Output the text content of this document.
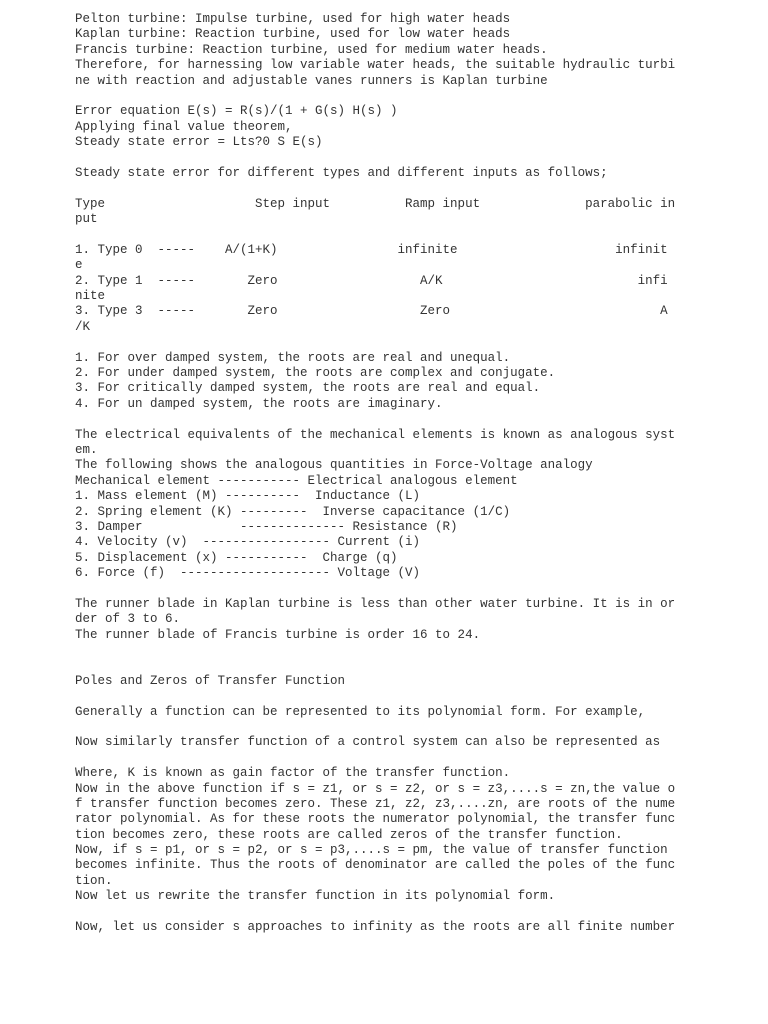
Pelton turbine: Impulse turbine, used for high water heads
Kaplan turbine: Reaction turbine, used for low water heads
Francis turbine: Reaction turbine, used for medium water heads.
Therefore, for harnessing low variable water heads, the suitable hydraulic turbi
ne with reaction and adjustable vanes runners is Kaplan turbine
Error equation E(s) = R(s)/(1 + G(s) H(s) )
Applying final value theorem,
Steady state error = Lts?0 S E(s)
Steady state error for different types and different inputs as follows;
Type                    Step input          Ramp input              parabolic in
put
1. Type 0  -----    A/(1+K)                infinite                     infinit
e
2. Type 1  -----       Zero                   A/K                          infi
nite
3. Type 3  -----       Zero                   Zero                            A
/K
1. For over damped system, the roots are real and unequal.
2. For under damped system, the roots are complex and conjugate.
3. For critically damped system, the roots are real and equal.
4. For un damped system, the roots are imaginary.
The electrical equivalents of the mechanical elements is known as analogous syst
em.
The following shows the analogous quantities in Force-Voltage analogy
Mechanical element ----------- Electrical analogous element
1. Mass element (M) ----------  Inductance (L)
2. Spring element (K) ---------  Inverse capacitance (1/C)
3. Damper             -------------- Resistance (R)
4. Velocity (v)  ----------------- Current (i)
5. Displacement (x) -----------  Charge (q)
6. Force (f)  -------------------- Voltage (V)
The runner blade in Kaplan turbine is less than other water turbine. It is in or
der of 3 to 6.
The runner blade of Francis turbine is order 16 to 24.
Poles and Zeros of Transfer Function
Generally a function can be represented to its polynomial form. For example,
Now similarly transfer function of a control system can also be represented as
Where, K is known as gain factor of the transfer function.
Now in the above function if s = z1, or s = z2, or s = z3,....s = zn,the value o
f transfer function becomes zero. These z1, z2, z3,....zn, are roots of the nume
rator polynomial. As for these roots the numerator polynomial, the transfer func
tion becomes zero, these roots are called zeros of the transfer function.
Now, if s = p1, or s = p2, or s = p3,....s = pm, the value of transfer function
becomes infinite. Thus the roots of denominator are called the poles of the func
tion.
Now let us rewrite the transfer function in its polynomial form.
Now, let us consider s approaches to infinity as the roots are all finite number
